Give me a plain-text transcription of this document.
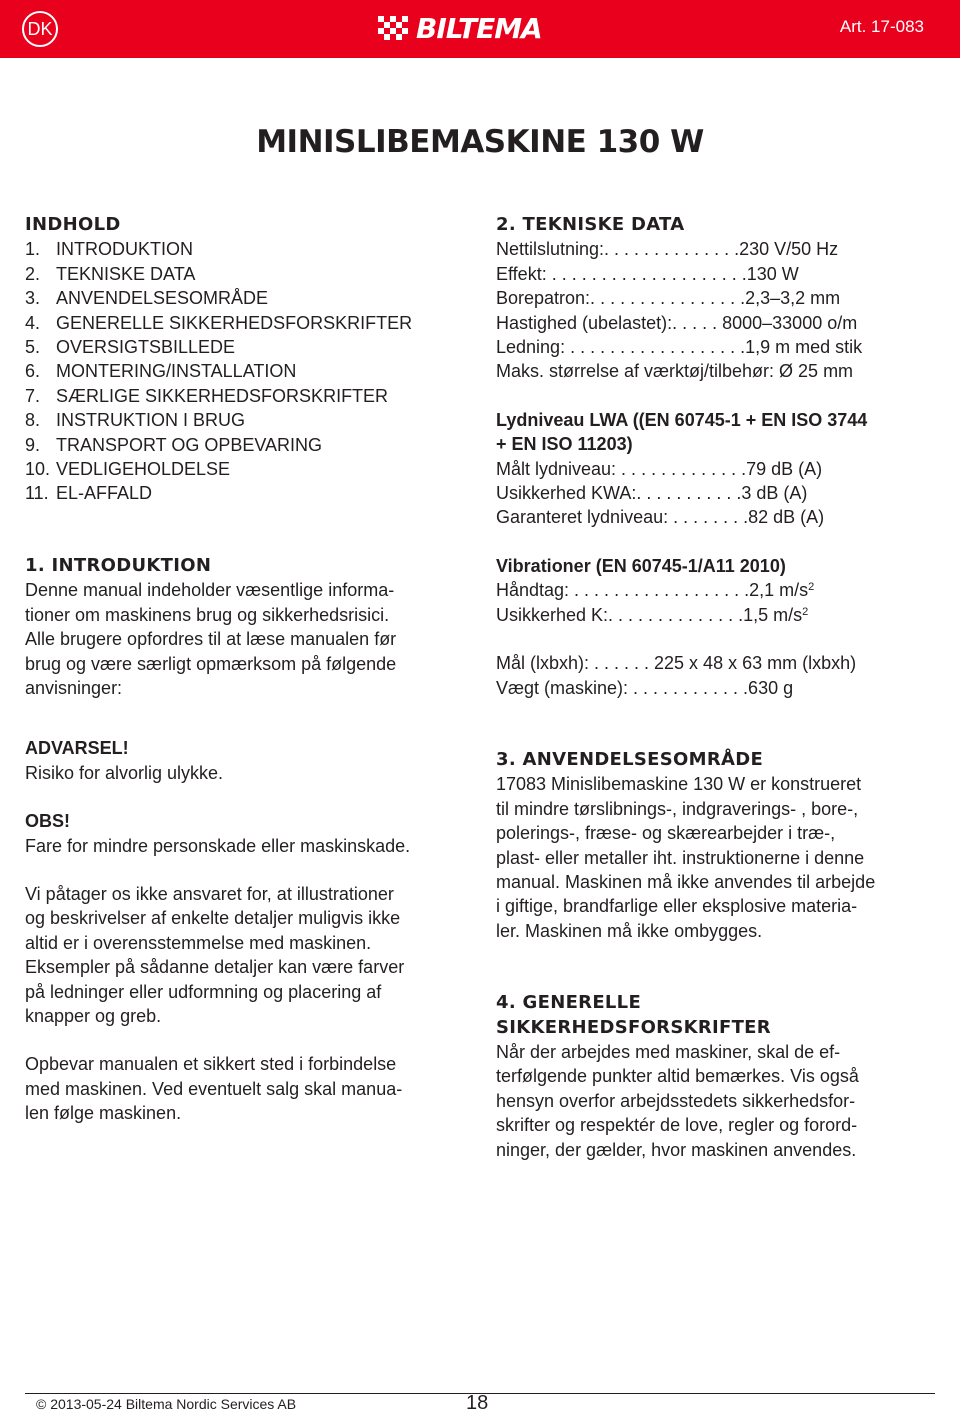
DK	BILTEMA	Art. 17-083
MINISLIBEMASKINE 130 W
INDHOLD
1. INTRODUKTION
2. TEKNISKE DATA
3. ANVENDELSESOMRÅDE
4. GENERELLE SIKKERHEDSFORSKRIFTER
5. OVERSIGTSBILLEDE
6. MONTERING/INSTALLATION
7. SÆRLIGE SIKKERHEDSFORSKRIFTER
8. INSTRUKTION I BRUG
9. TRANSPORT OG OPBEVARING
10. VEDLIGEHOLDELSE
11. EL-AFFALD
1. INTRODUKTION

Denne manual indeholder væsentlige informa-

tioner om maskinens brug og sikkerhedsrisici.

Alle brugere opfordres til at læse manualen før

brug og være særligt opmærksom på følgende

anvisninger:

ADVARSEL!

Risiko for alvorlig ulykke.

OBS!

Fare for mindre personskade eller maskinskade.

Vi påtager os ikke ansvaret for, at illustrationer

og beskrivelser af enkelte detaljer muligvis ikke

altid er i overensstemmelse med maskinen.

Eksempler på sådanne detaljer kan være farver

på ledninger eller udformning og placering af

knapper og greb.

Opbevar manualen et sikkert sted i forbindelse

med maskinen. Ved eventuelt salg skal manua-

len følge maskinen.

2. TEKNISKE DATA

Nettilslutning:. . . . . . . . . . . . . .230 V/50 Hz

Effekt: . . . . . . . . . . . . . . . . . . . .130 W

Borepatron:. . . . . . . . . . . . . . . .2,3–3,2 mm

Hastighed (ubelastet):. . . . . 8000–33000 o/m

Ledning: . . . . . . . . . . . . . . . . . .1,9 m med stik

Maks. størrelse af værktøj/tilbehør: Ø 25 mm

Lydniveau LWA ((EN 60745-1 + EN ISO 3744

+ EN ISO 11203)

Målt lydniveau: . . . . . . . . . . . . .79 dB (A)

Usikkerhed KWA:. . . . . . . . . . .3 dB (A)

Garanteret lydniveau: . . . . . . . .82 dB (A)

Vibrationer (EN 60745-1/A11 2010)

Håndtag: . . . . . . . . . . . . . . . . . .2,1 $m/s^2$

Usikkerhed K:. . . . . . . . . . . . . .1,5 $m/s^2$

Mål (lxbxh): . . . . . . 225 x 48 x 63 mm (lxbxh)

Vægt (maskine): . . . . . . . . . . . .630 g

3. ANVENDELSESOMRÅDE

17083 Minislibemaskine 130 W er konstrueret

til mindre tørslibnings-, indgraverings- , bore-,

polerings-, fræse- og skærearbejder i træ-,

plast- eller metaller iht. instruktionerne i denne

manual. Maskinen må ikke anvendes til arbejde

i giftige, brandfarlige eller eksplosive materia-

ler. Maskinen må ikke ombygges.

4. GENERELLE
SIKKERHEDSFORSKRIFTER

Når der arbejdes med maskiner, skal de ef-

terfølgende punkter altid bemærkes. Vis også

hensyn overfor arbejdsstedets sikkerhedsfor-

skrifter og respektér de love, regler og forord-

ninger, der gælder, hvor maskinen anvendes.

© 2013-05-24 Biltema Nordic Services AB	18
